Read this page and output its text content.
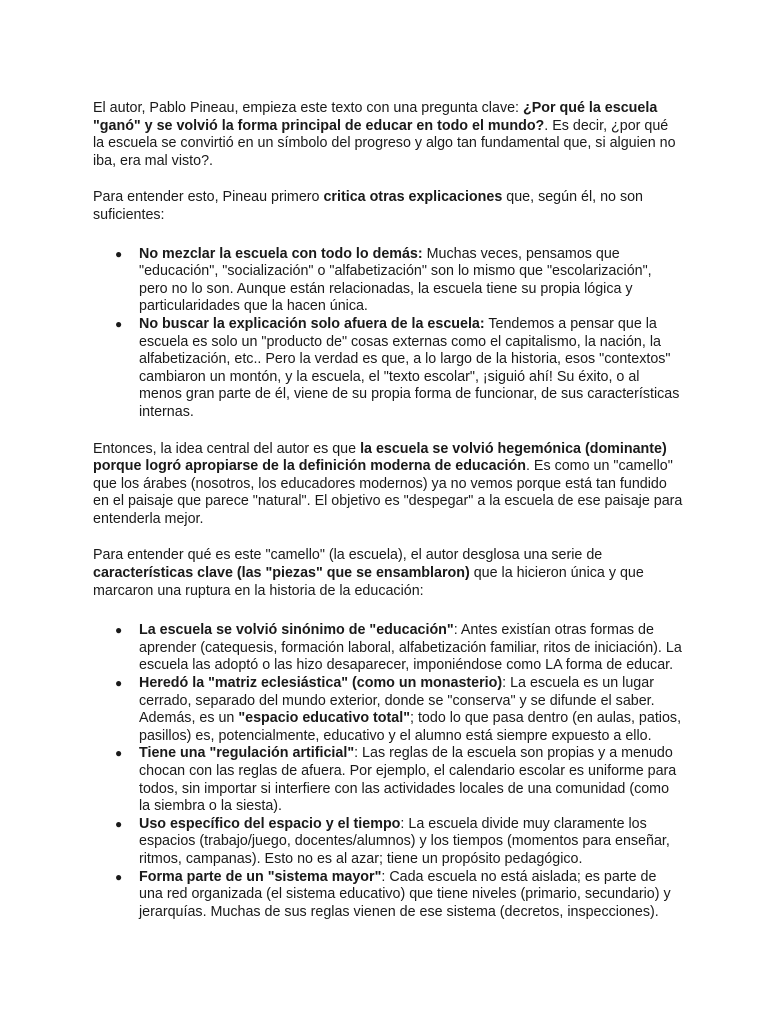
El autor, Pablo Pineau, empieza este texto con una pregunta clave: ¿Por qué la escuela "ganó" y se volvió la forma principal de educar en todo el mundo?. Es decir, ¿por qué la escuela se convirtió en un símbolo del progreso y algo tan fundamental que, si alguien no iba, era mal visto?.

Para entender esto, Pineau primero critica otras explicaciones que, según él, no son suficientes:

● No mezclar la escuela con todo lo demás: Muchas veces, pensamos que "educación", "socialización" o "alfabetización" son lo mismo que "escolarización", pero no lo son. Aunque están relacionadas, la escuela tiene su propia lógica y particularidades que la hacen única.
● No buscar la explicación solo afuera de la escuela: Tendemos a pensar que la escuela es solo un "producto de" cosas externas como el capitalismo, la nación, la alfabetización, etc.. Pero la verdad es que, a lo largo de la historia, esos "contextos" cambiaron un montón, y la escuela, el "texto escolar", ¡siguió ahí! Su éxito, o al menos gran parte de él, viene de su propia forma de funcionar, de sus características internas.

Entonces, la idea central del autor es que la escuela se volvió hegemónica (dominante) porque logró apropiarse de la definición moderna de educación. Es como un "camello" que los árabes (nosotros, los educadores modernos) ya no vemos porque está tan fundido en el paisaje que parece "natural". El objetivo es "despegar" a la escuela de ese paisaje para entenderla mejor.

Para entender qué es este "camello" (la escuela), el autor desglosa una serie de características clave (las "piezas" que se ensamblaron) que la hicieron única y que marcaron una ruptura en la historia de la educación:

● La escuela se volvió sinónimo de "educación": Antes existían otras formas de aprender (catequesis, formación laboral, alfabetización familiar, ritos de iniciación). La escuela las adoptó o las hizo desaparecer, imponiéndose como LA forma de educar.
● Heredó la "matriz eclesiástica" (como un monasterio): La escuela es un lugar cerrado, separado del mundo exterior, donde se "conserva" y se difunde el saber. Además, es un "espacio educativo total"; todo lo que pasa dentro (en aulas, patios, pasillos) es, potencialmente, educativo y el alumno está siempre expuesto a ello.
● Tiene una "regulación artificial": Las reglas de la escuela son propias y a menudo chocan con las reglas de afuera. Por ejemplo, el calendario escolar es uniforme para todos, sin importar si interfiere con las actividades locales de una comunidad (como la siembra o la siesta).
● Uso específico del espacio y el tiempo: La escuela divide muy claramente los espacios (trabajo/juego, docentes/alumnos) y los tiempos (momentos para enseñar, ritmos, campanas). Esto no es al azar; tiene un propósito pedagógico.
● Forma parte de un "sistema mayor": Cada escuela no está aislada; es parte de una red organizada (el sistema educativo) que tiene niveles (primario, secundario) y jerarquías. Muchas de sus reglas vienen de ese sistema (decretos, inspecciones).
